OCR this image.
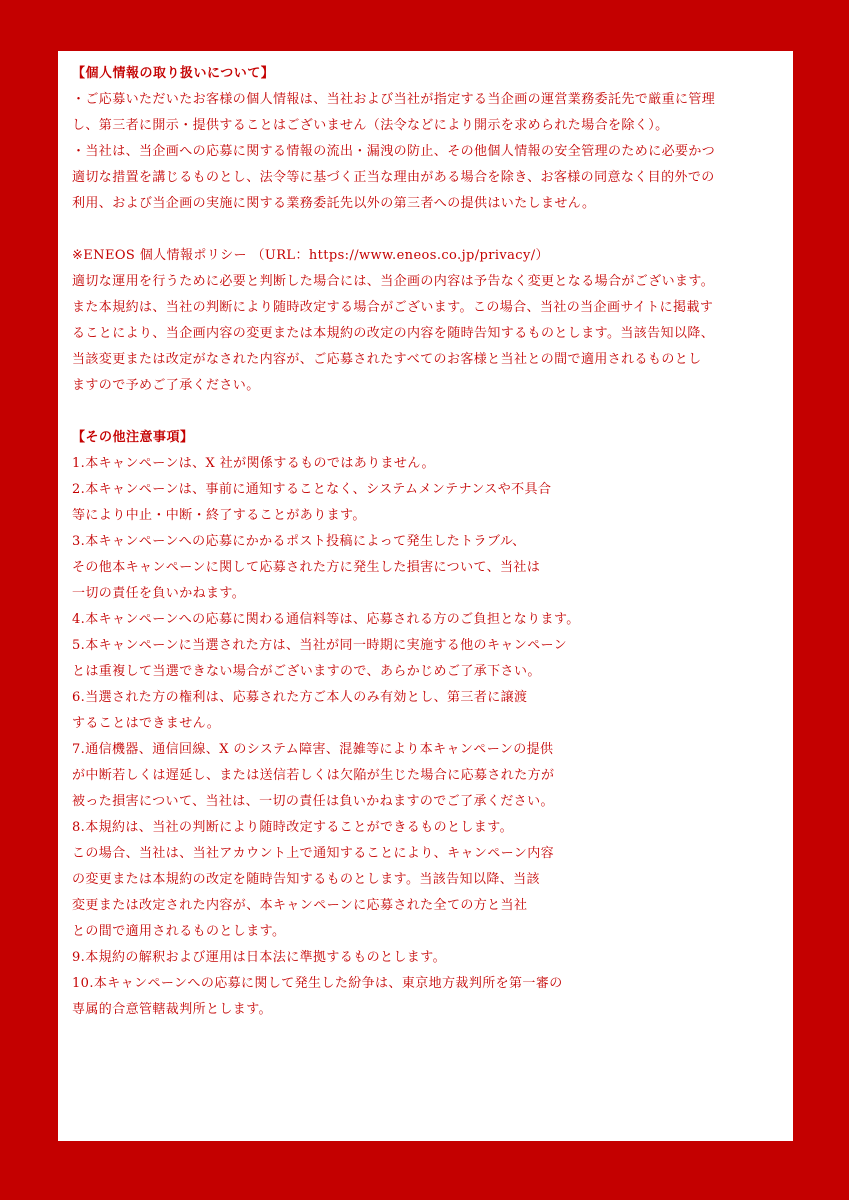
【個人情報の取り扱いについて】
・ご応募いただいたお客様の個人情報は、当社および当社が指定する当企画の運営業務委託先で厳重に管理
し、第三者に開示・提供することはございません（法令などにより開示を求められた場合を除く）。
・当社は、当企画への応募に関する情報の流出・漏洩の防止、その他個人情報の安全管理のために必要かつ
適切な措置を講じるものとし、法令等に基づく正当な理由がある場合を除き、お客様の同意なく目的外での
利用、および当企画の実施に関する業務委託先以外の第三者への提供はいたしません。
※ENEOS 個人情報ポリシー （URL：https://www.eneos.co.jp/privacy/）
適切な運用を行うために必要と判断した場合には、当企画の内容は予告なく変更となる場合がございます。
また本規約は、当社の判断により随時改定する場合がございます。この場合、当社の当企画サイトに掲載す
ることにより、当企画内容の変更または本規約の改定の内容を随時告知するものとします。当該告知以降、
当該変更または改定がなされた内容が、ご応募されたすべてのお客様と当社との間で適用されるものとし
ますので予めご了承ください。
【その他注意事項】
1.本キャンペーンは、X 社が関係するものではありません。
2.本キャンペーンは、事前に通知することなく、システムメンテナンスや不具合
等により中止・中断・終了することがあります。
3.本キャンペーンへの応募にかかるポスト投稿によって発生したトラブル、
その他本キャンペーンに関して応募された方に発生した損害について、当社は
一切の責任を負いかねます。
4.本キャンペーンへの応募に関わる通信料等は、応募される方のご負担となります。
5.本キャンペーンに当選された方は、当社が同一時期に実施する他のキャンペーン
とは重複して当選できない場合がございますので、あらかじめご了承下さい。
6.当選された方の権利は、応募された方ご本人のみ有効とし、第三者に譲渡
することはできません。
7.通信機器、通信回線、X のシステム障害、混雑等により本キャンペーンの提供
が中断若しくは遅延し、または送信若しくは欠陥が生じた場合に応募された方が
被った損害について、当社は、一切の責任は負いかねますのでご了承ください。
8.本規約は、当社の判断により随時改定することができるものとします。
この場合、当社は、当社アカウント上で通知することにより、キャンペーン内容
の変更または本規約の改定を随時告知するものとします。当該告知以降、当該
変更または改定された内容が、本キャンペーンに応募された全ての方と当社
との間で適用されるものとします。
9.本規約の解釈および運用は日本法に準拠するものとします。
10.本キャンペーンへの応募に関して発生した紛争は、東京地方裁判所を第一審の
専属的合意管轄裁判所とします。
